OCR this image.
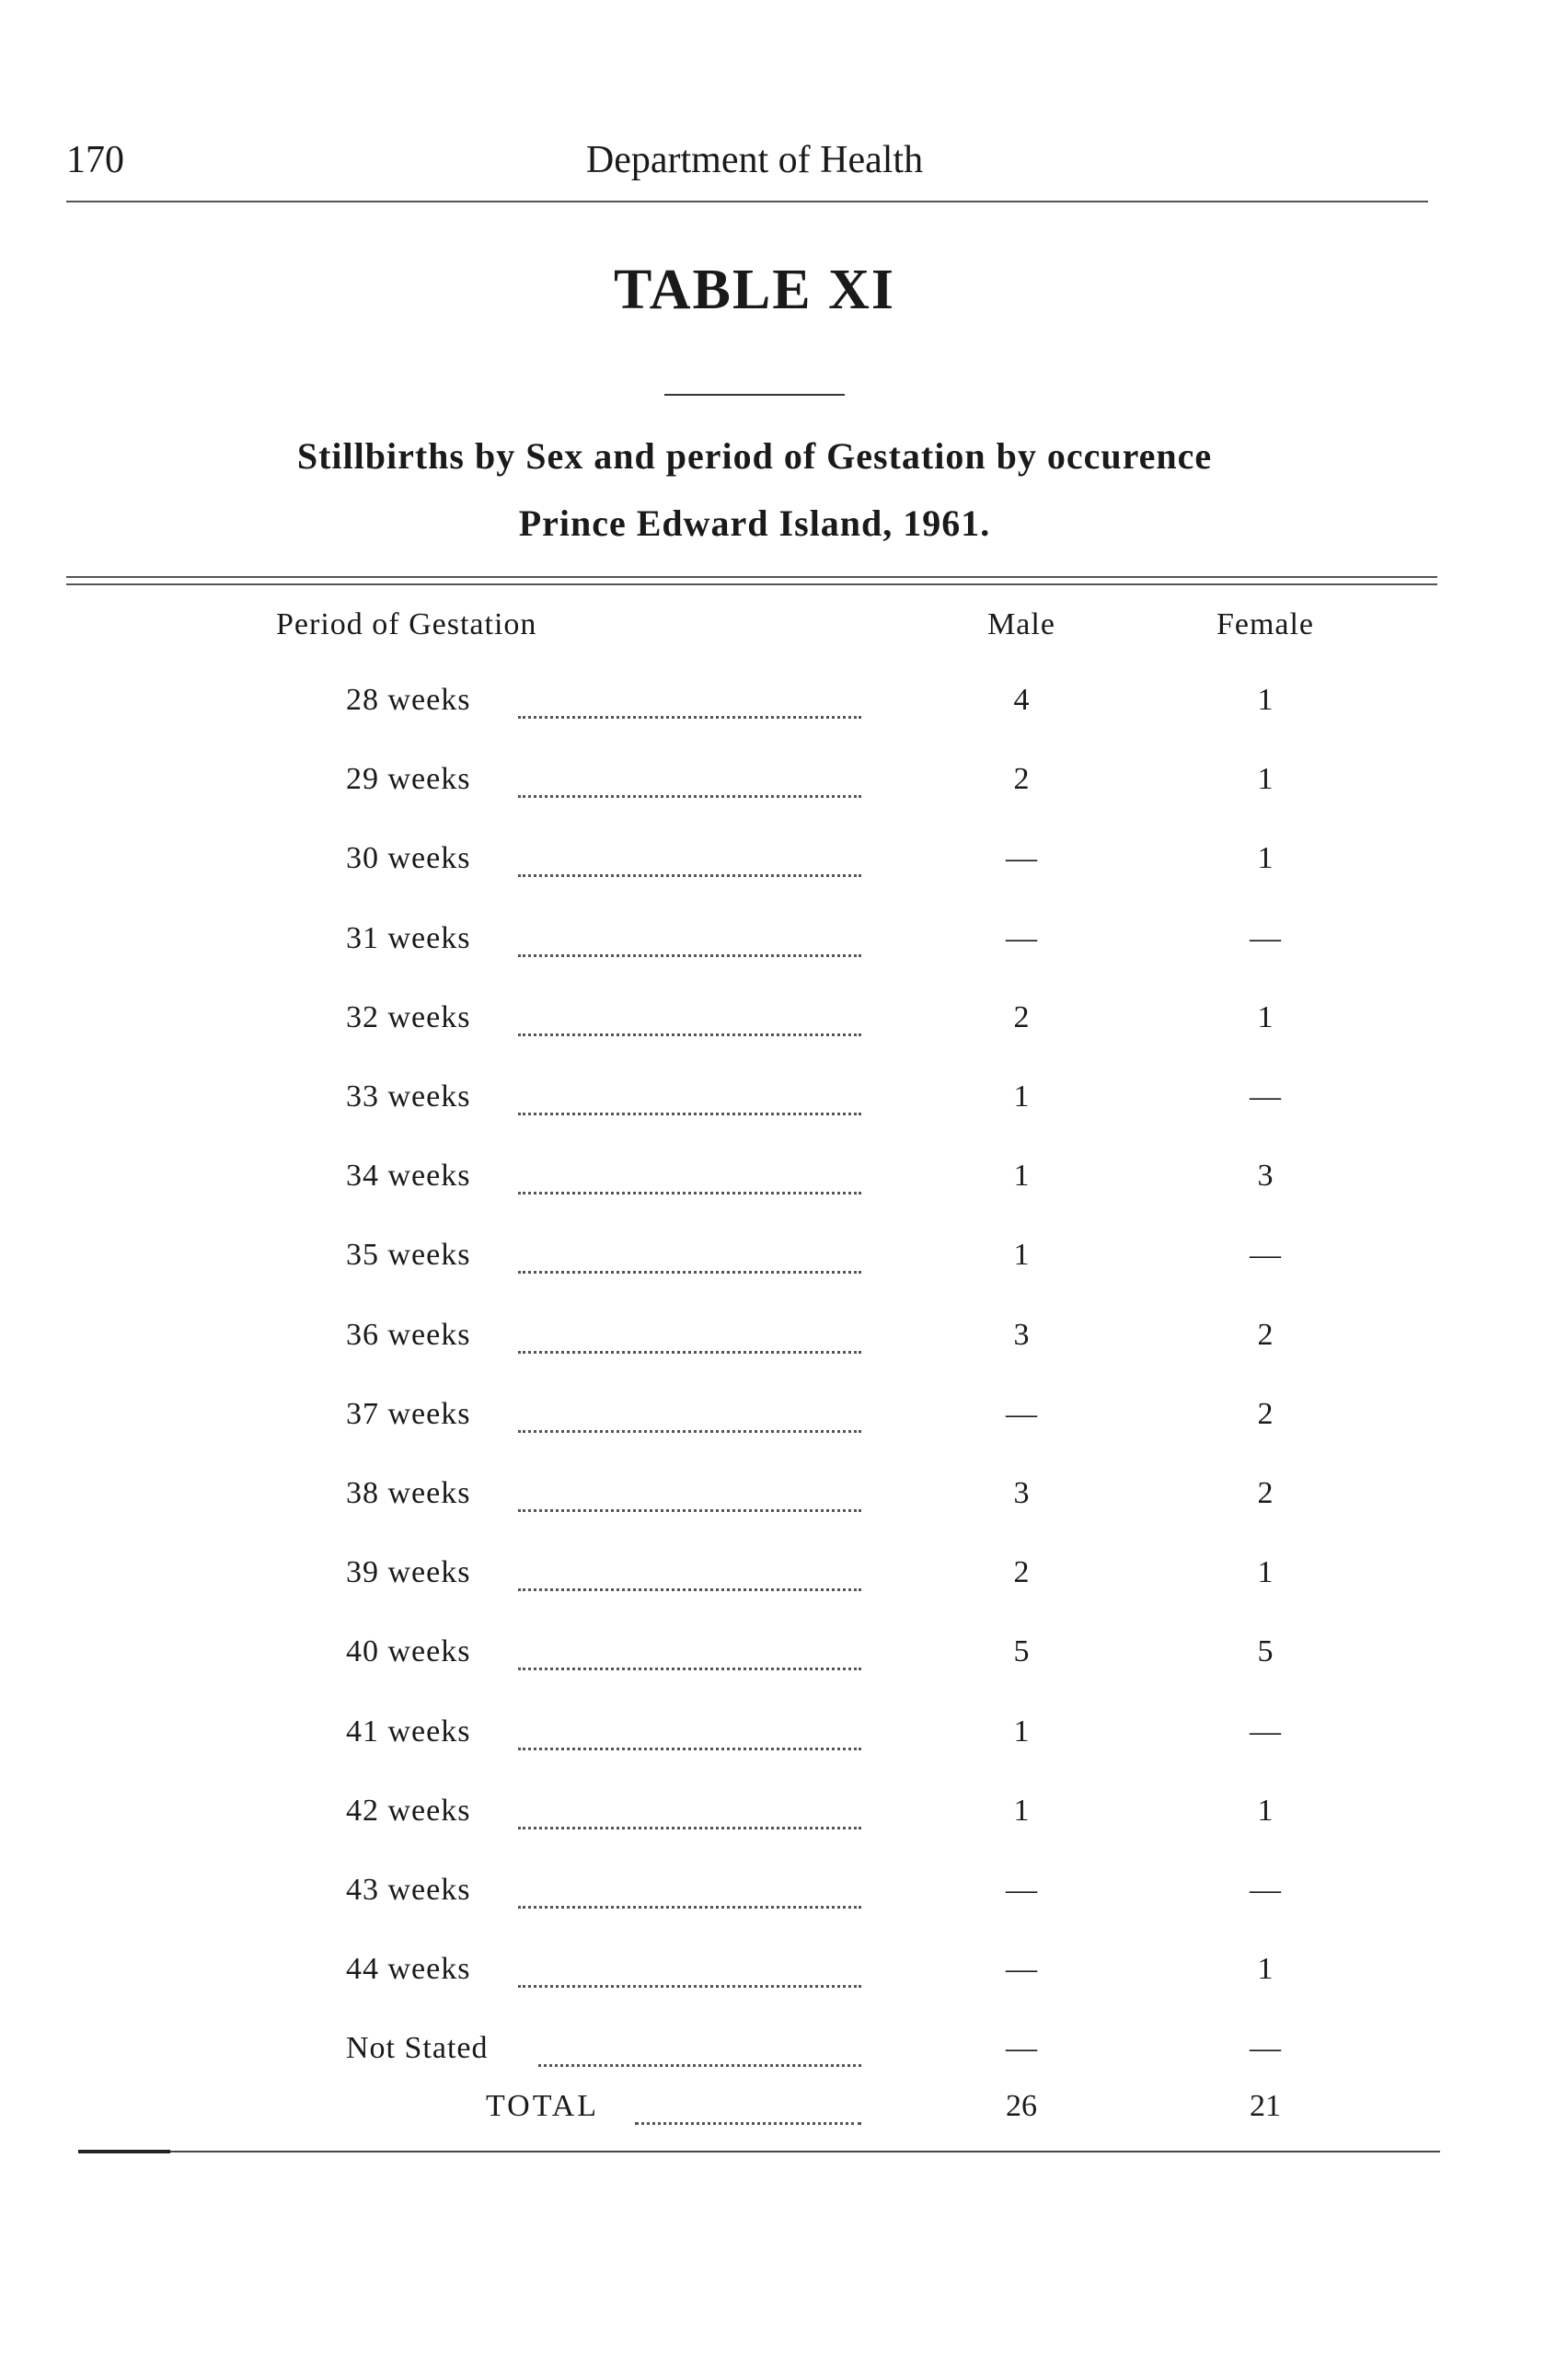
170	Department of Health
TABLE XI
Stillbirths by Sex and period of Gestation by occurence
Prince Edward Island, 1961.
Period of Gestation	Male	Female
28 weeks	4	1
29 weeks	2	1
30 weeks	—	1
31 weeks	—	—
32 weeks	2	1
33 weeks	1	—
34 weeks	1	3
35 weeks	1	—
36 weeks	3	2
37 weeks	—	2
38 weeks	3	2
39 weeks	2	1
40 weeks	5	5
41 weeks	1	—
42 weeks	1	1
43 weeks	—	—
44 weeks	—	1
Not Stated	—	—
TOTAL	26	21
